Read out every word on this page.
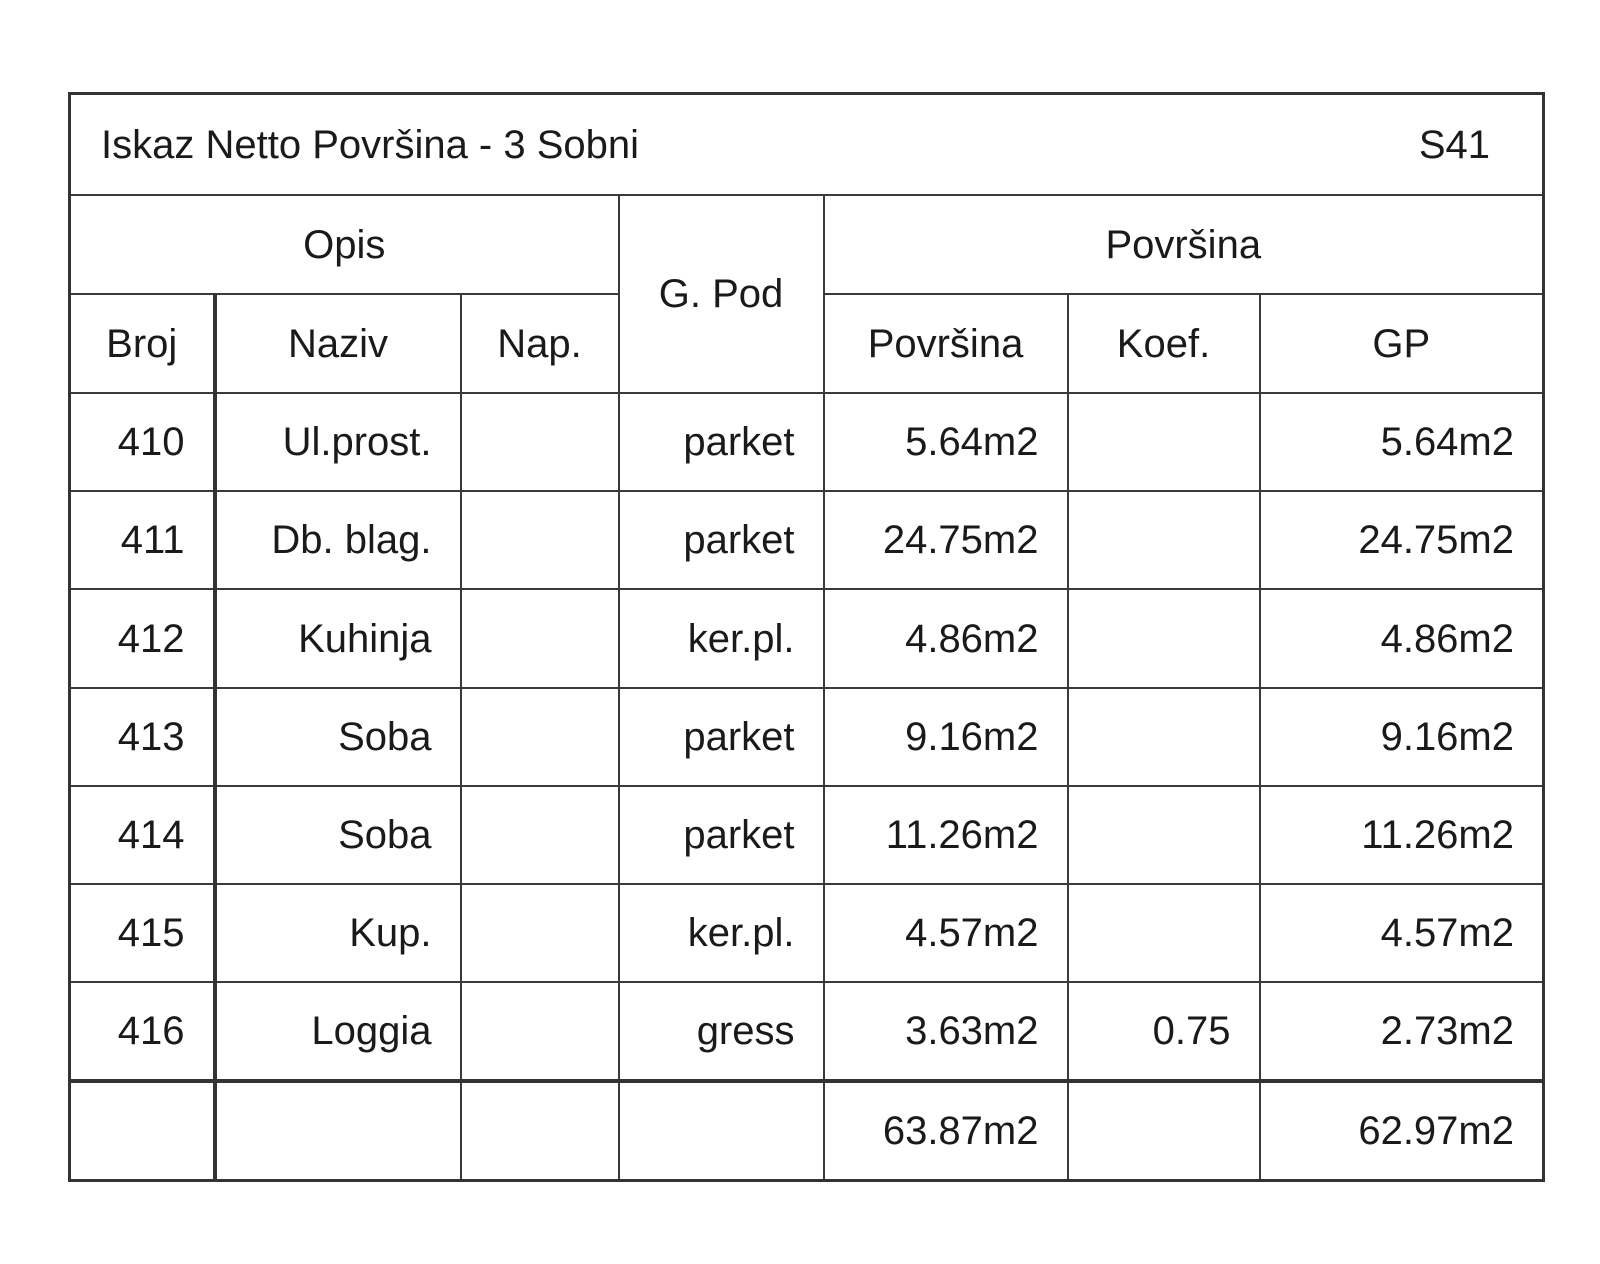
Iskaz Netto Površina - 3 Sobni S41						

Opis			G. Pod	Površina		
Broj	Naziv	Nap.		Površina	Koef.	GP
410	Ul.prost.		parket	5.64m2		5.64m2
411	Db. blag.		parket	24.75m2		24.75m2
412	Kuhinja		ker.pl.	4.86m2		4.86m2
413	Soba		parket	9.16m2		9.16m2
414	Soba		parket	11.26m2		11.26m2
415	Kup.		ker.pl.	4.57m2		4.57m2
416	Loggia		gress	3.63m2	0.75	2.73m2
				63.87m2		62.97m2
